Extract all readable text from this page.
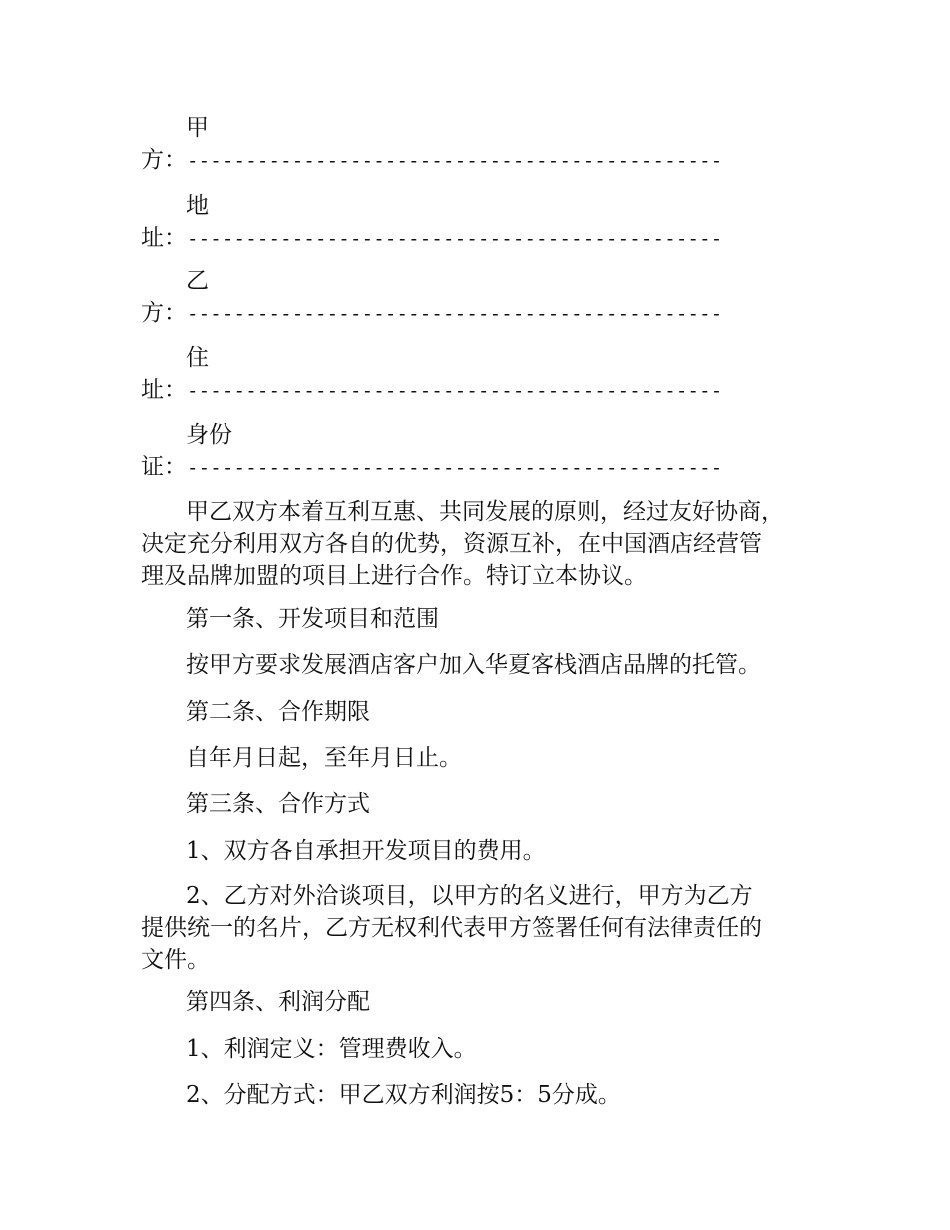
甲
方：----------------------------------------------
地
址：----------------------------------------------
乙
方：----------------------------------------------
住
址：----------------------------------------------
身份
证：----------------------------------------------

甲乙双方本着互利互惠、共同发展的原则，经过友好协商，
决定充分利用双方各自的优势，资源互补，在中国酒店经营管
理及品牌加盟的项目上进行合作。特订立本协议。

第一条、开发项目和范围

按甲方要求发展酒店客户加入华夏客栈酒店品牌的托管。

第二条、合作期限

自年月日起，至年月日止。

第三条、合作方式

1、双方各自承担开发项目的费用。

2、乙方对外洽谈项目，以甲方的名义进行，甲方为乙方
提供统一的名片，乙方无权利代表甲方签署任何有法律责任的
文件。

第四条、利润分配

1、利润定义：管理费收入。

2、分配方式：甲乙双方利润按5：5分成。
